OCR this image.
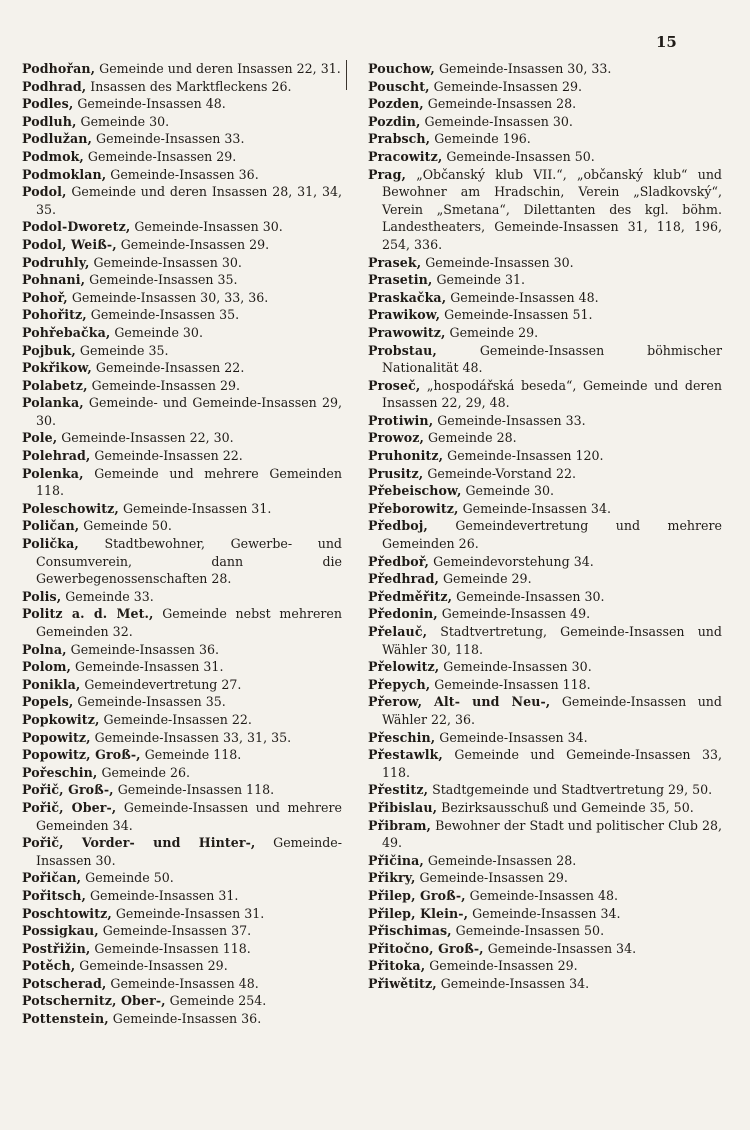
15
Podhořan, Gemeinde und deren Insassen 22, 31.
Podhrad, Insassen des Marktfleckens 26.
Podles, Gemeinde-Insassen 48.
Podluh, Gemeinde 30.
Podlužan, Gemeinde-Insassen 33.
Podmok, Gemeinde-Insassen 29.
Podmoklan, Gemeinde-Insassen 36.
Podol, Gemeinde und deren Insassen 28, 31, 34, 35.
Podol-Dworetz, Gemeinde-Insassen 30.
Podol, Weiß-, Gemeinde-Insassen 29.
Podruhly, Gemeinde-Insassen 30.
Pohnani, Gemeinde-Insassen 35.
Pohoř, Gemeinde-Insassen 30, 33, 36.
Pohořitz, Gemeinde-Insassen 35.
Pohřebačka, Gemeinde 30.
Pojbuk, Gemeinde 35.
Pokřikow, Gemeinde-Insassen 22.
Polabetz, Gemeinde-Insassen 29.
Polanka, Gemeinde- und Gemeinde-Insassen 29, 30.
Pole, Gemeinde-Insassen 22, 30.
Polehrad, Gemeinde-Insassen 22.
Polenka, Gemeinde und mehrere Gemeinden 118.
Poleschowitz, Gemeinde-Insassen 31.
Poličan, Gemeinde 50.
Polička, Stadtbewohner, Gewerbe- und Consumverein, dann die Gewerbegenossenschaften 28.
Polis, Gemeinde 33.
Politz a. d. Met., Gemeinde nebst mehreren Gemeinden 32.
Polna, Gemeinde-Insassen 36.
Polom, Gemeinde-Insassen 31.
Ponikla, Gemeindevertretung 27.
Popels, Gemeinde-Insassen 35.
Popkowitz, Gemeinde-Insassen 22.
Popowitz, Gemeinde-Insassen 33, 31, 35.
Popowitz, Groß-, Gemeinde 118.
Pořeschin, Gemeinde 26.
Pořič, Groß-, Gemeinde-Insassen 118.
Pořič, Ober-, Gemeinde-Insassen und mehrere Gemeinden 34.
Pořič, Vorder- und Hinter-, Gemeinde-Insassen 30.
Pořičan, Gemeinde 50.
Pořitsch, Gemeinde-Insassen 31.
Poschtowitz, Gemeinde-Insassen 31.
Possigkau, Gemeinde-Insassen 37.
Postřižin, Gemeinde-Insassen 118.
Potěch, Gemeinde-Insassen 29.
Potscherad, Gemeinde-Insassen 48.
Potschernitz, Ober-, Gemeinde 254.
Pottenstein, Gemeinde-Insassen 36.
Pouchow, Gemeinde-Insassen 30, 33.
Pouscht, Gemeinde-Insassen 29.
Pozden, Gemeinde-Insassen 28.
Pozdin, Gemeinde-Insassen 30.
Prabsch, Gemeinde 196.
Pracowitz, Gemeinde-Insassen 50.
Prag, „Občanský klub VII.“, „občanský klub“ und Bewohner am Hradschin, Verein „Sladkovský“, Verein „Smetana“, Dilettanten des kgl. böhm. Landestheaters, Gemeinde-Insassen 31, 118, 196, 254, 336.
Prasek, Gemeinde-Insassen 30.
Prasetin, Gemeinde 31.
Praskačka, Gemeinde-Insassen 48.
Prawikow, Gemeinde-Insassen 51.
Prawowitz, Gemeinde 29.
Probstau,	Gemeinde-Insassen böhmischer Nationalität 48.
Proseč, „hospodářská beseda“, Gemeinde und deren Insassen 22, 29, 48.
Protiwin, Gemeinde-Insassen 33.
Prowoz, Gemeinde 28.
Pruhonitz, Gemeinde-Insassen 120.
Prusitz, Gemeinde-Vorstand 22.
Přebeischow, Gemeinde 30.
Přeborowitz, Gemeinde-Insassen 34.
Předboj, Gemeindevertretung und mehrere Gemeinden 26.
Předboř, Gemeindevorstehung 34.
Předhrad, Gemeinde 29.
Předměřitz, Gemeinde-Insassen 30.
Předonin, Gemeinde-Insassen 49.
Přelauč, Stadtvertretung, Gemeinde-Insassen und Wähler 30, 118.
Přelowitz, Gemeinde-Insassen 30.
Přepych, Gemeinde-Insassen 118.
Přerow, Alt- und Neu-, Gemeinde-Insassen und Wähler 22, 36.
Přeschin, Gemeinde-Insassen 34.
Přestawlk, Gemeinde und Gemeinde-Insassen 33, 118.
Přestitz, Stadtgemeinde und Stadtvertretung 29, 50.
Přibislau, Bezirksausschuß und Gemeinde 35, 50.
Přibram, Bewohner der Stadt und politischer Club 28, 49.
Přičina, Gemeinde-Insassen 28.
Přikry, Gemeinde-Insassen 29.
Přilep, Groß-, Gemeinde-Insassen 48.
Přilep, Klein-, Gemeinde-Insassen 34.
Přischimas, Gemeinde-Insassen 50.
Přitočno, Groß-, Gemeinde-Insassen 34.
Přitoka, Gemeinde-Insassen 29.
Přiwětitz, Gemeinde-Insassen 34.
